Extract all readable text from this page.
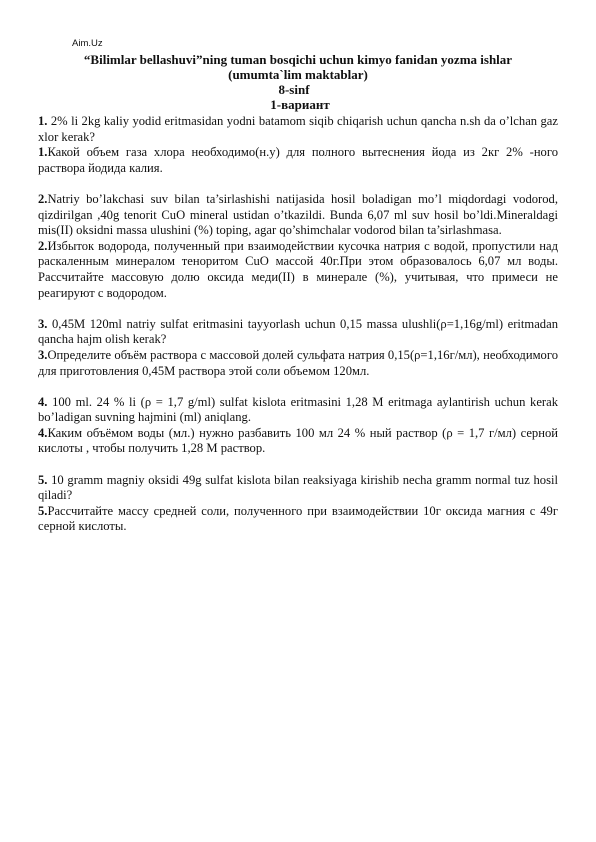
Aim.Uz
“Bilimlar bellashuvi”ning tuman bosqichi uchun kimyo fanidan yozma ishlar
(umumta`lim maktablar)
8-sinf
1-вариант

1. 2% li 2kg kaliy yodid eritmasidan yodni batamom siqib chiqarish uchun qancha n.sh da o’lchan gaz xlor kerak?

1.Какой объем газа хлора необходимо(н.у) для полного вытеснения йода из 2кг 2% -ного раствора йодида калия.

2.Natriy bo’lakchasi suv bilan ta’sirlashishi natijasida hosil boladigan mo’l miqdordagi vodorod, qizdirilgan ,40g tenorit CuO mineral ustidan o’tkazildi. Bunda 6,07 ml suv hosil bo’ldi.Mineraldagi mis(II) oksidni massa ulushini (%) toping, agar qo’shimchalar vodorod bilan ta’sirlashmasa.

2.Избыток водорода, полученный при взаимодействии кусочка натрия с водой, пропустили над раскаленным минералом теноритом CuO массой 40г.При этом образовалось 6,07 мл воды. Рассчитайте массовую долю оксида меди(II) в минерале (%), учитывая, что примеси не реагируют с водородом.

3. 0,45M 120ml natriy sulfat eritmasini tayyorlash uchun 0,15 massa ulushli(ρ=1,16g/ml) eritmadan qancha hajm olish kerak?

3.Определите объём раствора с массовой долей сульфата натрия 0,15(ρ=1,16г/мл), необходимого для приготовления 0,45M раствора этой соли объемом 120мл.

4. 100 ml. 24 % li (ρ = 1,7 g/ml) sulfat kislota eritmasini 1,28 M eritmaga aylantirish uchun kerak bo’ladigan suvning hajmini (ml) aniqlang.

4.Каким объёмом воды (мл.) нужно разбавить 100 мл 24 % ный раствор (ρ = 1,7 г/мл) серной кислоты , чтобы получить 1,28 M раствор.

5. 10 gramm magniy oksidi 49g sulfat kislota bilan reaksiyaga kirishib necha gramm normal tuz hosil qiladi?

5.Рассчитайте массу средней соли, полученного при взаимодействии 10г оксида магния с 49г серной кислоты.
